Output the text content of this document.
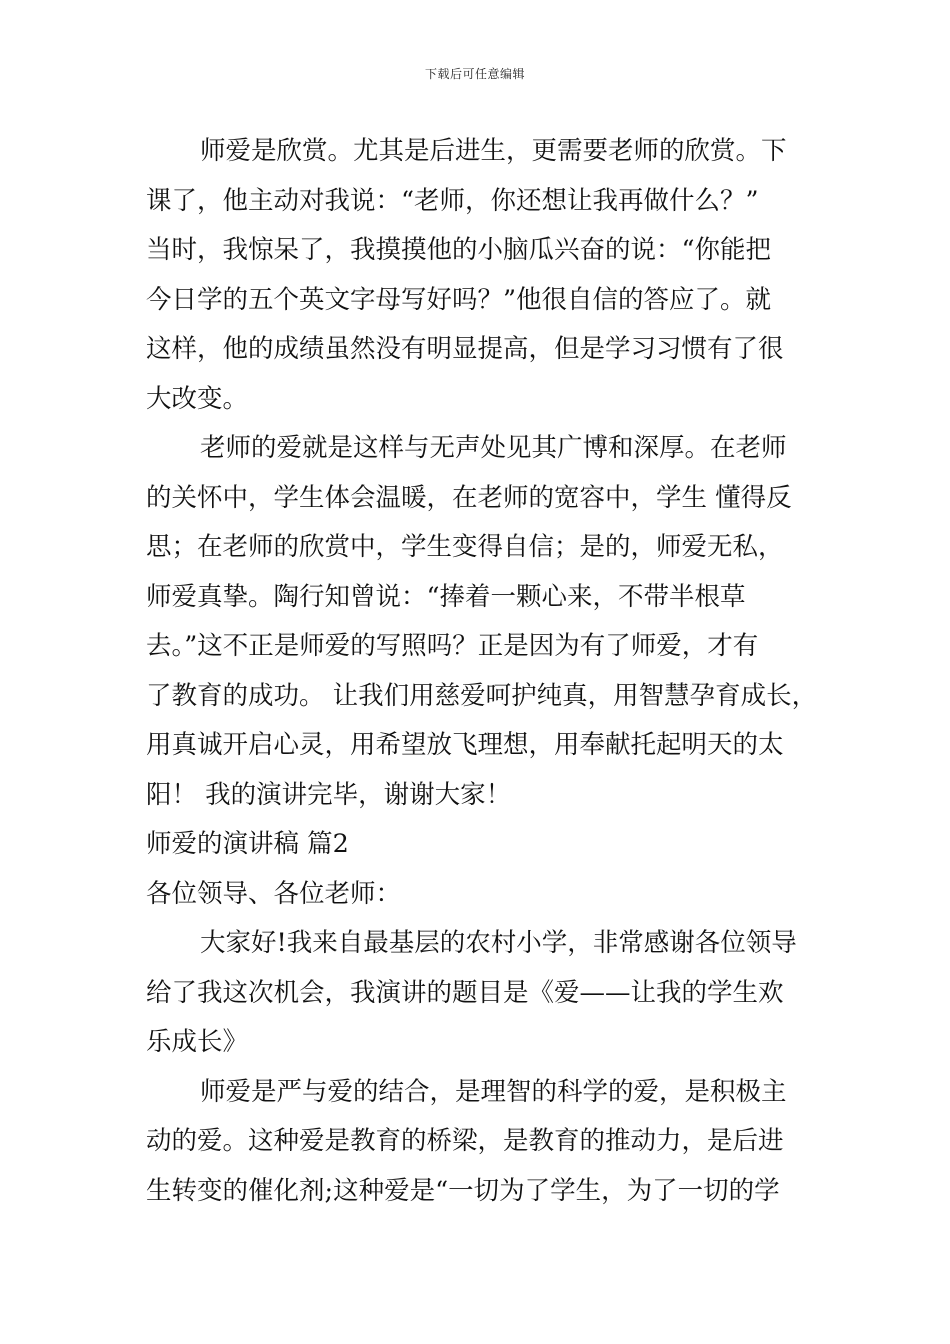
下载后可任意编辑
师爱是欣赏。尤其是后进生，更需要老师的欣赏。下
课了，他主动对我说：“老师，你还想让我再做什么？”
当时，我惊呆了，我摸摸他的小脑瓜兴奋的说：“你能把
今日学的五个英文字母写好吗？”他很自信的答应了。就
这样，他的成绩虽然没有明显提高，但是学习习惯有了很
大改变。
老师的爱就是这样与无声处见其广博和深厚。在老师
的关怀中，学生体会温暖，在老师的宽容中，学生 懂得反
思；在老师的欣赏中，学生变得自信；是的，师爱无私，
师爱真挚。陶行知曾说：“捧着一颗心来，不带半根草
去。”这不正是师爱的写照吗？正是因为有了师爱，才有
了教育的成功。 让我们用慈爱呵护纯真，用智慧孕育成长，
用真诚开启心灵，用希望放飞理想，用奉献托起明天的太
阳！ 我的演讲完毕，谢谢大家！
师爱的演讲稿 篇2
各位领导、各位老师：
大家好!我来自最基层的农村小学，非常感谢各位领导
给了我这次机会，我演讲的题目是《爱——让我的学生欢
乐成长》
师爱是严与爱的结合，是理智的科学的爱，是积极主
动的爱。这种爱是教育的桥梁，是教育的推动力，是后进
生转变的催化剂;这种爱是“一切为了学生，为了一切的学
